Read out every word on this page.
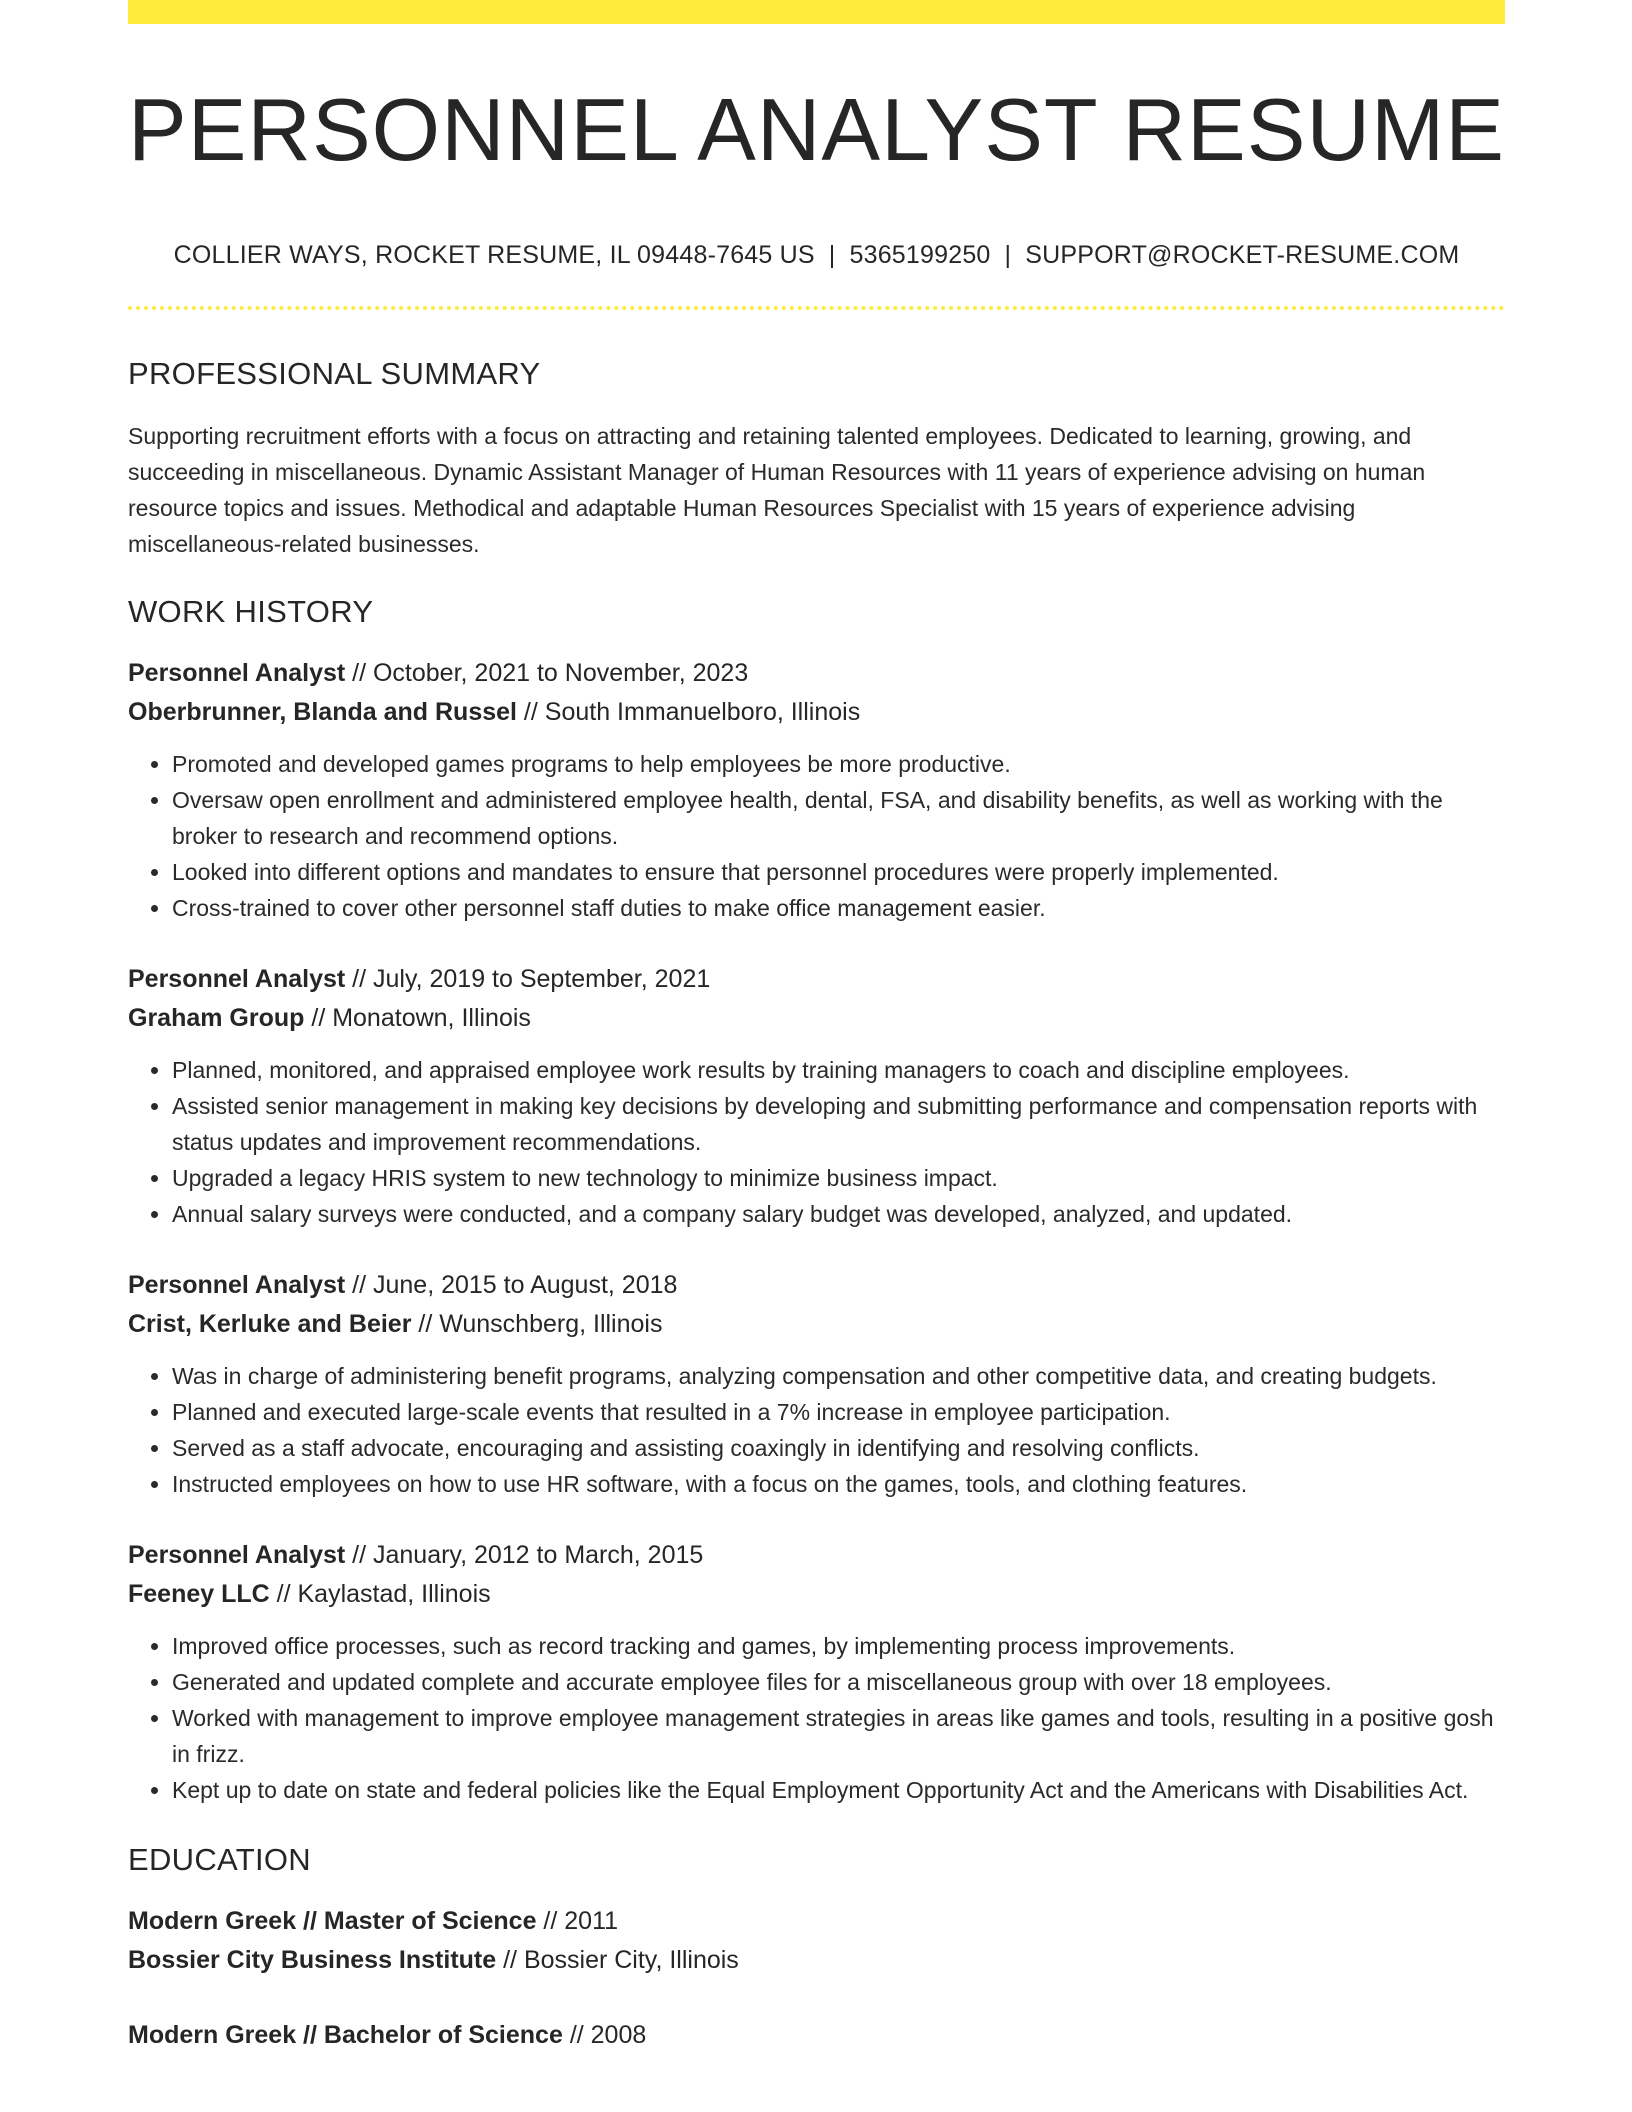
PERSONNEL ANALYST RESUME
COLLIER WAYS, ROCKET RESUME, IL 09448-7645 US | 5365199250 | SUPPORT@ROCKET-RESUME.COM
PROFESSIONAL SUMMARY

Supporting recruitment efforts with a focus on attracting and retaining talented employees. Dedicated to learning, growing, and succeeding in miscellaneous. Dynamic Assistant Manager of Human Resources with 11 years of experience advising on human resource topics and issues. Methodical and adaptable Human Resources Specialist with 15 years of experience advising miscellaneous-related businesses.

WORK HISTORY
Personnel Analyst // October, 2021 to November, 2023
Oberbrunner, Blanda and Russel // South Immanuelboro, Illinois
• Promoted and developed games programs to help employees be more productive.
• Oversaw open enrollment and administered employee health, dental, FSA, and disability benefits, as well as working with the broker to research and recommend options.
• Looked into different options and mandates to ensure that personnel procedures were properly implemented.
• Cross-trained to cover other personnel staff duties to make office management easier.
Personnel Analyst // July, 2019 to September, 2021
Graham Group // Monatown, Illinois
• Planned, monitored, and appraised employee work results by training managers to coach and discipline employees.
• Assisted senior management in making key decisions by developing and submitting performance and compensation reports with status updates and improvement recommendations.
• Upgraded a legacy HRIS system to new technology to minimize business impact.
• Annual salary surveys were conducted, and a company salary budget was developed, analyzed, and updated.
Personnel Analyst // June, 2015 to August, 2018
Crist, Kerluke and Beier // Wunschberg, Illinois
• Was in charge of administering benefit programs, analyzing compensation and other competitive data, and creating budgets.
• Planned and executed large-scale events that resulted in a 7% increase in employee participation.
• Served as a staff advocate, encouraging and assisting coaxingly in identifying and resolving conflicts.
• Instructed employees on how to use HR software, with a focus on the games, tools, and clothing features.
Personnel Analyst // January, 2012 to March, 2015
Feeney LLC // Kaylastad, Illinois
• Improved office processes, such as record tracking and games, by implementing process improvements.
• Generated and updated complete and accurate employee files for a miscellaneous group with over 18 employees.
• Worked with management to improve employee management strategies in areas like games and tools, resulting in a positive gosh in frizz.
• Kept up to date on state and federal policies like the Equal Employment Opportunity Act and the Americans with Disabilities Act.
EDUCATION
Modern Greek // Master of Science // 2011
Bossier City Business Institute // Bossier City, Illinois
Modern Greek // Bachelor of Science // 2008
